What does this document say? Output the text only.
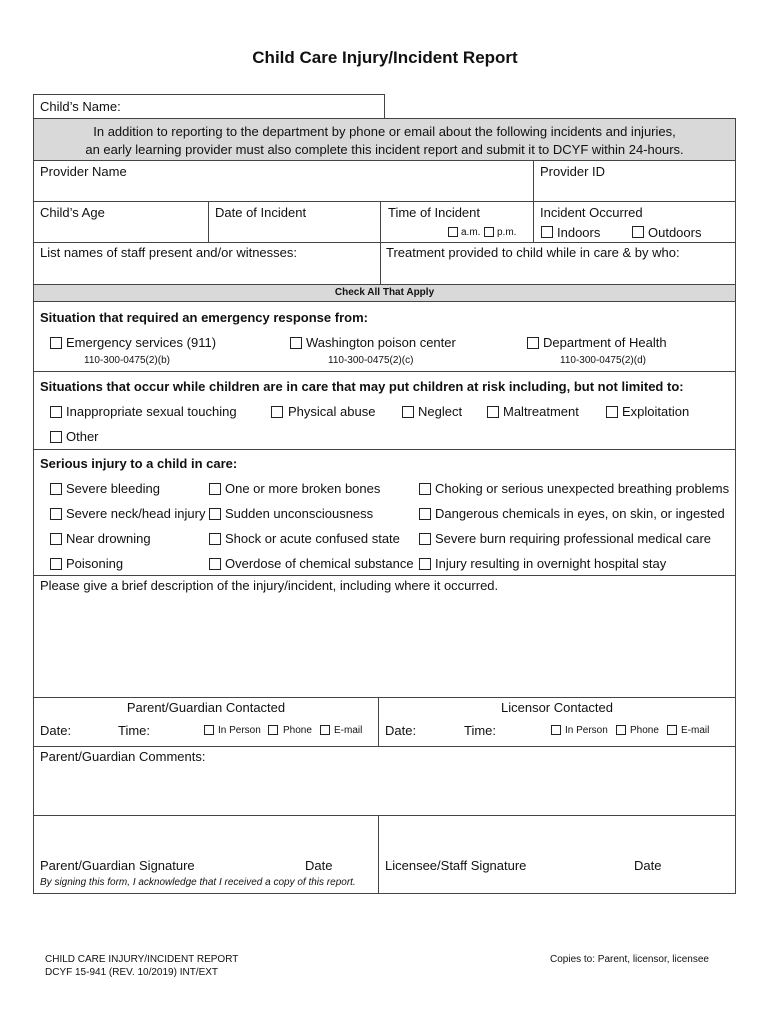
Child Care Injury/Incident Report
Child’s Name:
In addition to reporting to the department by phone or email about the following incidents and injuries,
an early learning provider must also complete this incident report and submit it to DCYF within 24-hours.
Provider Name	Provider ID
Child’s Age	Date of Incident	Time of Incident
a.m. p.m.
Incident Occurred
Indoors	Outdoors
List names of staff present and/or witnesses:	Treatment provided to child while in care & by who:
Check All That Apply
Situation that required an emergency response from:
Emergency services (911)
110-300-0475(2)(b)
Washington poison center
110-300-0475(2)(c)
Department of Health
110-300-0475(2)(d)
Situations that occur while children are in care that may put children at risk including, but not limited to:
Inappropriate sexual touching	Physical abuse	Neglect	Maltreatment	Exploitation
Other
Serious injury to a child in care:
Severe bleeding
Severe neck/head injury
Near drowning
Poisoning
One or more broken bones
Sudden unconsciousness
Shock or acute confused state
Overdose of chemical substance
Choking or serious unexpected breathing problems
Dangerous chemicals in eyes, on skin, or ingested
Severe burn requiring professional medical care
Injury resulting in overnight hospital stay
Please give a brief description of the injury/incident, including where it occurred.
Parent/Guardian Contacted	Licensor Contacted
Date:	Time:	In Person Phone E-mail Date:	Time:	In Person Phone E-mail
Parent/Guardian Comments:
Parent/Guardian Signature	Date
By signing this form, I acknowledge that I received a copy of this report.
Licensee/Staff Signature	Date
CHILD CARE INJURY/INCIDENT REPORT
DCYF 15-941 (REV. 10/2019) INT/EXT
Copies to: Parent, licensor, licensee
